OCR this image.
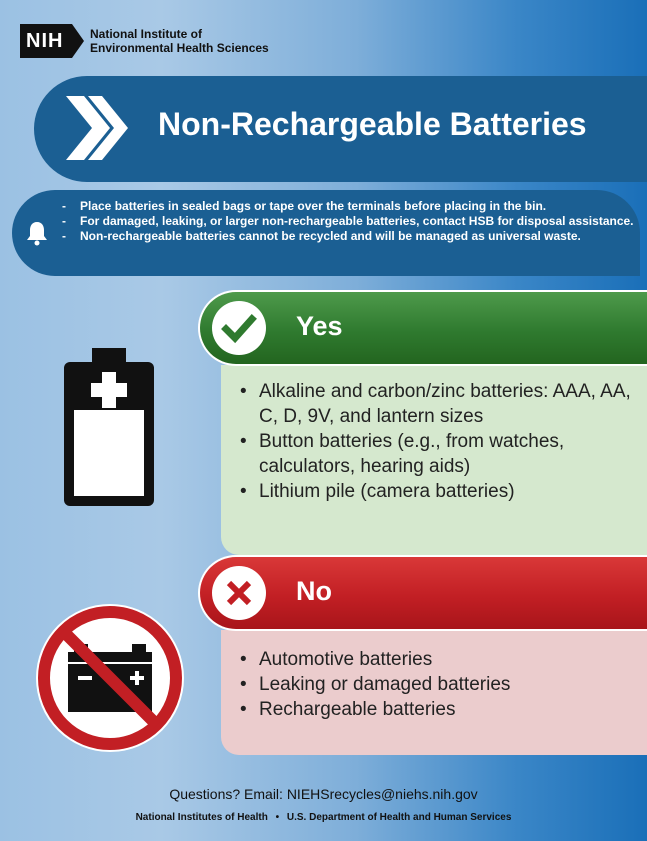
NIH	National Institute of
Environmental Health Sciences
Non-Rechargeable Batteries
- Place batteries in sealed bags or tape over the terminals before placing in the bin.
- For damaged, leaking, or larger non-rechargeable batteries, contact HSB for disposal assistance.
- Non-rechargeable batteries cannot be recycled and will be managed as universal waste.
• Alkaline and carbon/zinc batteries: AAA, AA, C, D, 9V, and lantern sizes
• Button batteries (e.g., from watches, calculators, hearing aids)
• Lithium pile (camera batteries)
Yes
• Automotive batteries
• Leaking or damaged batteries
• Rechargeable batteries
No
Questions? Email: NIEHSrecycles@niehs.nih.gov
National Institutes of Health • U.S. Department of Health and Human Services
